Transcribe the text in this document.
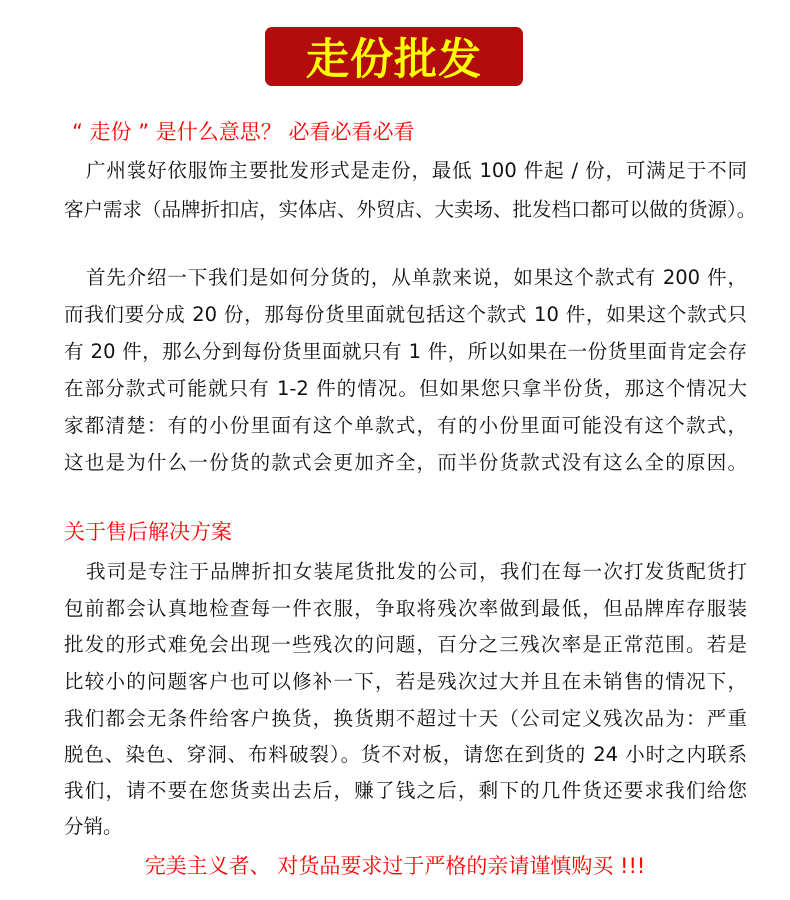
走份批发
“ 走份 ” 是什么意思？ 必看必看必看
广州裳好依服饰主要批发形式是走份，最低 100 件起 / 份，可满足于不同
客户需求（品牌折扣店，实体店、外贸店、大卖场、批发档口都可以做的货源）。
首先介绍一下我们是如何分货的，从单款来说，如果这个款式有 200 件，
而我们要分成 20 份，那每份货里面就包括这个款式 10 件，如果这个款式只
有 20 件，那么分到每份货里面就只有 1 件，所以如果在一份货里面肯定会存
在部分款式可能就只有 1-2 件的情况。但如果您只拿半份货，那这个情况大
家都清楚：有的小份里面有这个单款式，有的小份里面可能没有这个款式，
这也是为什么一份货的款式会更加齐全，而半份货款式没有这么全的原因。
关于售后解决方案
我司是专注于品牌折扣女装尾货批发的公司，我们在每一次打发货配货打
包前都会认真地检查每一件衣服，争取将残次率做到最低，但品牌库存服装
批发的形式难免会出现一些残次的问题，百分之三残次率是正常范围。若是
比较小的问题客户也可以修补一下，若是残次过大并且在未销售的情况下，
我们都会无条件给客户换货，换货期不超过十天（公司定义残次品为：严重
脱色、染色、穿洞、布料破裂）。货不对板，请您在到货的 24 小时之内联系
我们，请不要在您货卖出去后，赚了钱之后，剩下的几件货还要求我们给您
分销。
完美主义者、 对货品要求过于严格的亲请谨慎购买 !!!
